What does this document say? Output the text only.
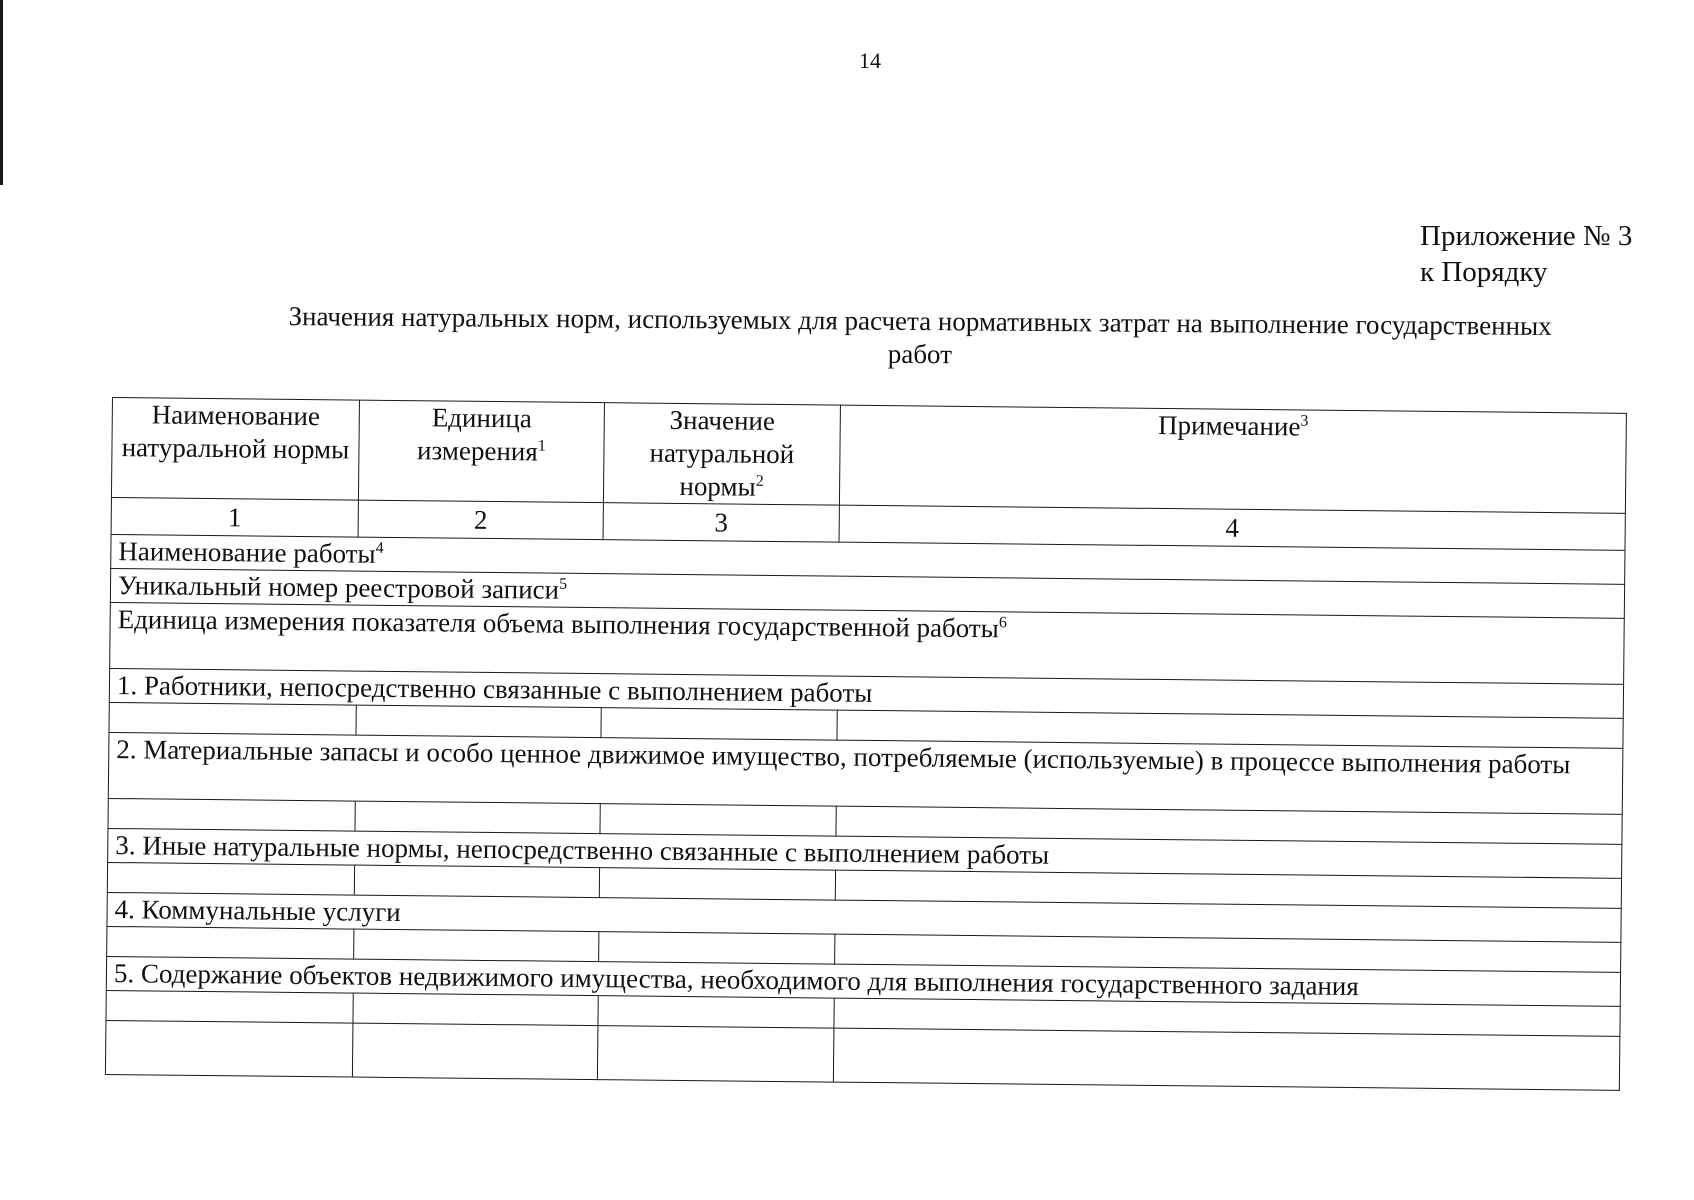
14
Приложение № 3
к Порядку
Значения натуральных норм, используемых для расчета нормативных затрат на выполнение государственных
работ
Наименование натуральной нормы	Единица измерения$^1$	Значение натуральной нормы$^2$	Примечание$^3$
1	2	3	4
Наименование работы$^4$
Уникальный номер реестровой записи$^5$
Единица измерения показателя объема выполнения государственной работы$^6$
1. Работники, непосредственно связанные с выполнением работы			

2. Материальные запасы и особо ценное движимое имущество, потребляемые (используемые) в процессе выполнения работы			

3. Иные натуральные нормы, непосредственно связанные с выполнением работы			

4. Коммунальные услуги			

5. Содержание объектов недвижимого имущества, необходимого для выполнения государственного задания			
